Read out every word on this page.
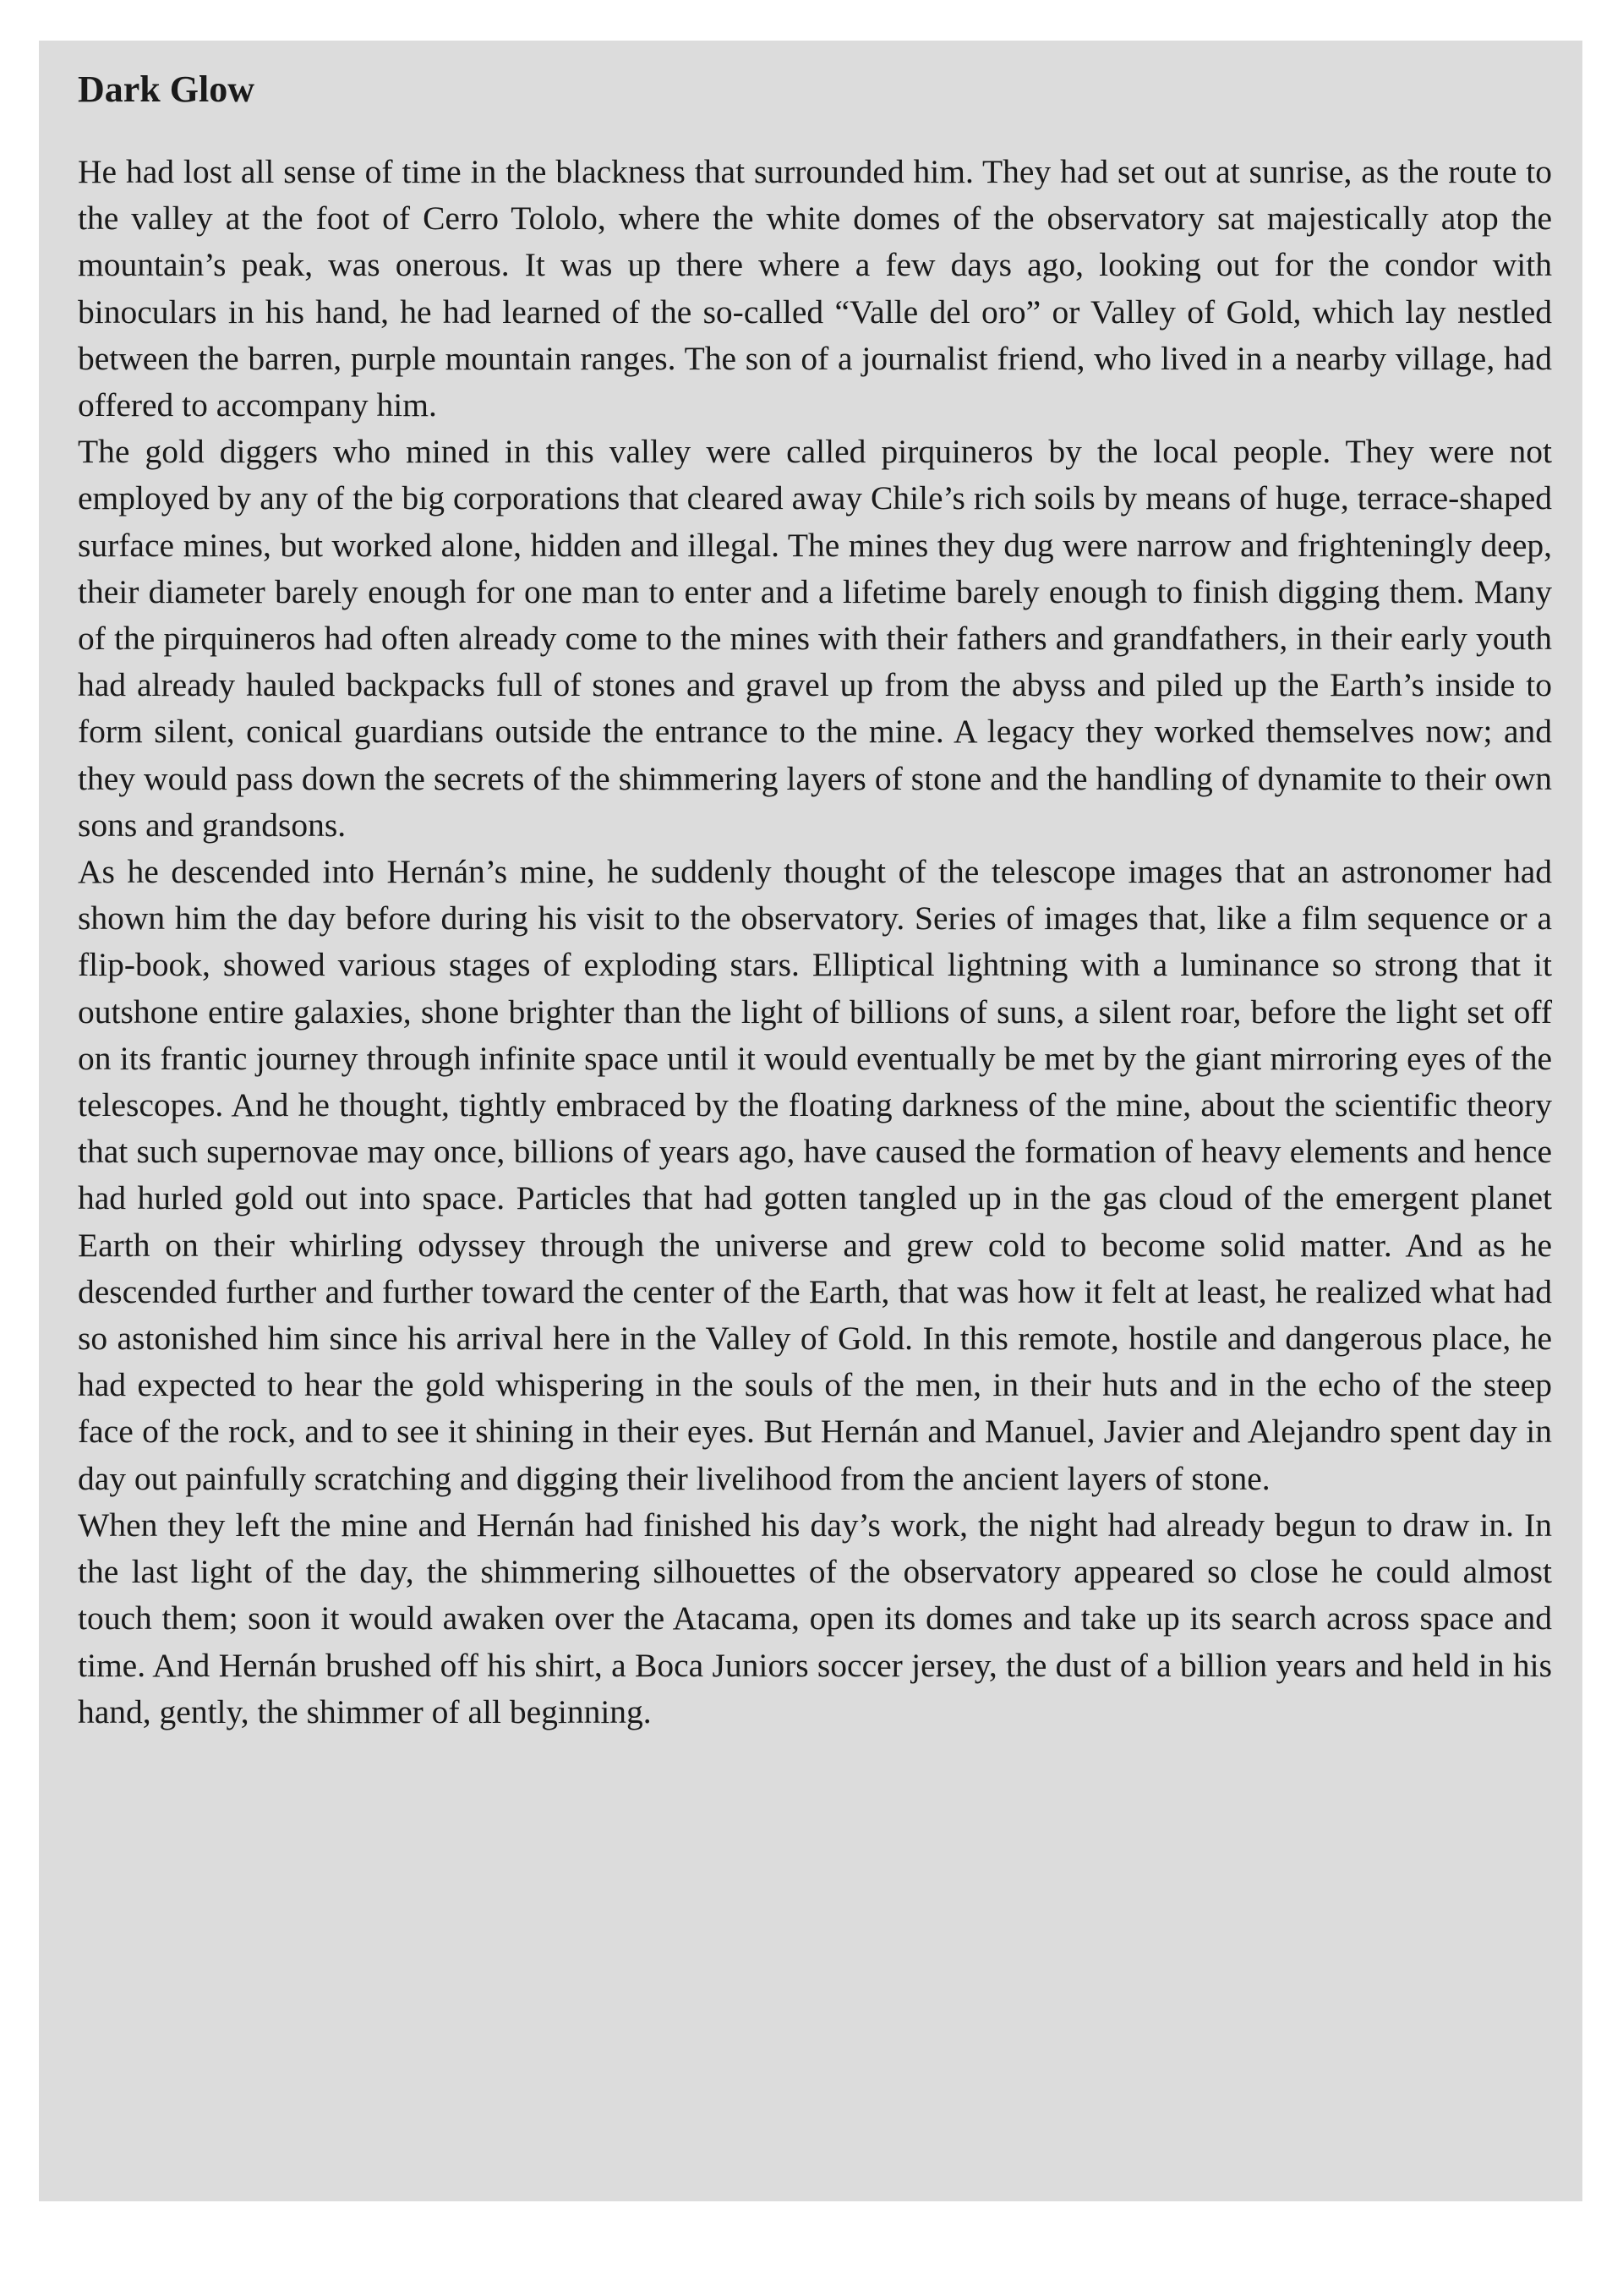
Dark Glow

He had lost all sense of time in the blackness that surrounded him. They had set out at sunrise, as the route to the valley at the foot of Cerro Tololo, where the white domes of the observatory sat majestically atop the mountain’s peak, was onerous. It was up there where a few days ago, looking out for the condor with binoculars in his hand, he had learned of the so-called “Valle del oro” or Valley of Gold, which lay nestled between the barren, purple mountain ranges. The son of a journalist friend, who lived in a nearby village, had offered to accompany him.

The gold diggers who mined in this valley were called pirquineros by the local people. They were not employed by any of the big corporations that cleared away Chile’s rich soils by means of huge, terrace-shaped surface mines, but worked alone, hidden and illegal. The mines they dug were narrow and frighteningly deep, their diameter barely enough for one man to enter and a lifetime barely enough to finish digging them. Many of the pirquineros had often already come to the mines with their fathers and grandfathers, in their early youth had already hauled backpacks full of stones and gravel up from the abyss and piled up the Earth’s inside to form silent, conical guardians outside the entrance to the mine. A legacy they worked themselves now; and they would pass down the secrets of the shimmering layers of stone and the handling of dynamite to their own sons and grandsons.

As he descended into Hernán’s mine, he suddenly thought of the telescope images that an astronomer had shown him the day before during his visit to the observatory. Series of images that, like a film sequence or a flip-book, showed various stages of exploding stars. Elliptical lightning with a luminance so strong that it outshone entire galaxies, shone brighter than the light of billions of suns, a silent roar, before the light set off on its frantic journey through infinite space until it would eventually be met by the giant mirroring eyes of the telescopes. And he thought, tightly embraced by the floating darkness of the mine, about the scientific theory that such supernovae may once, billions of years ago, have caused the formation of heavy elements and hence had hurled gold out into space. Particles that had gotten tangled up in the gas cloud of the emergent planet Earth on their whirling odyssey through the universe and grew cold to become solid matter. And as he descended further and further toward the center of the Earth, that was how it felt at least, he realized what had so astonished him since his arrival here in the Valley of Gold. In this remote, hostile and dangerous place, he had expected to hear the gold whispering in the souls of the men, in their huts and in the echo of the steep face of the rock, and to see it shining in their eyes. But Hernán and Manuel, Javier and Alejandro spent day in day out painfully scratching and digging their livelihood from the ancient layers of stone.

When they left the mine and Hernán had finished his day’s work, the night had already begun to draw in. In the last light of the day, the shimmering silhouettes of the observatory appeared so close he could almost touch them; soon it would awaken over the Atacama, open its domes and take up its search across space and time. And Hernán brushed off his shirt, a Boca Juniors soccer jersey, the dust of a billion years and held in his hand, gently, the shimmer of all beginning.
